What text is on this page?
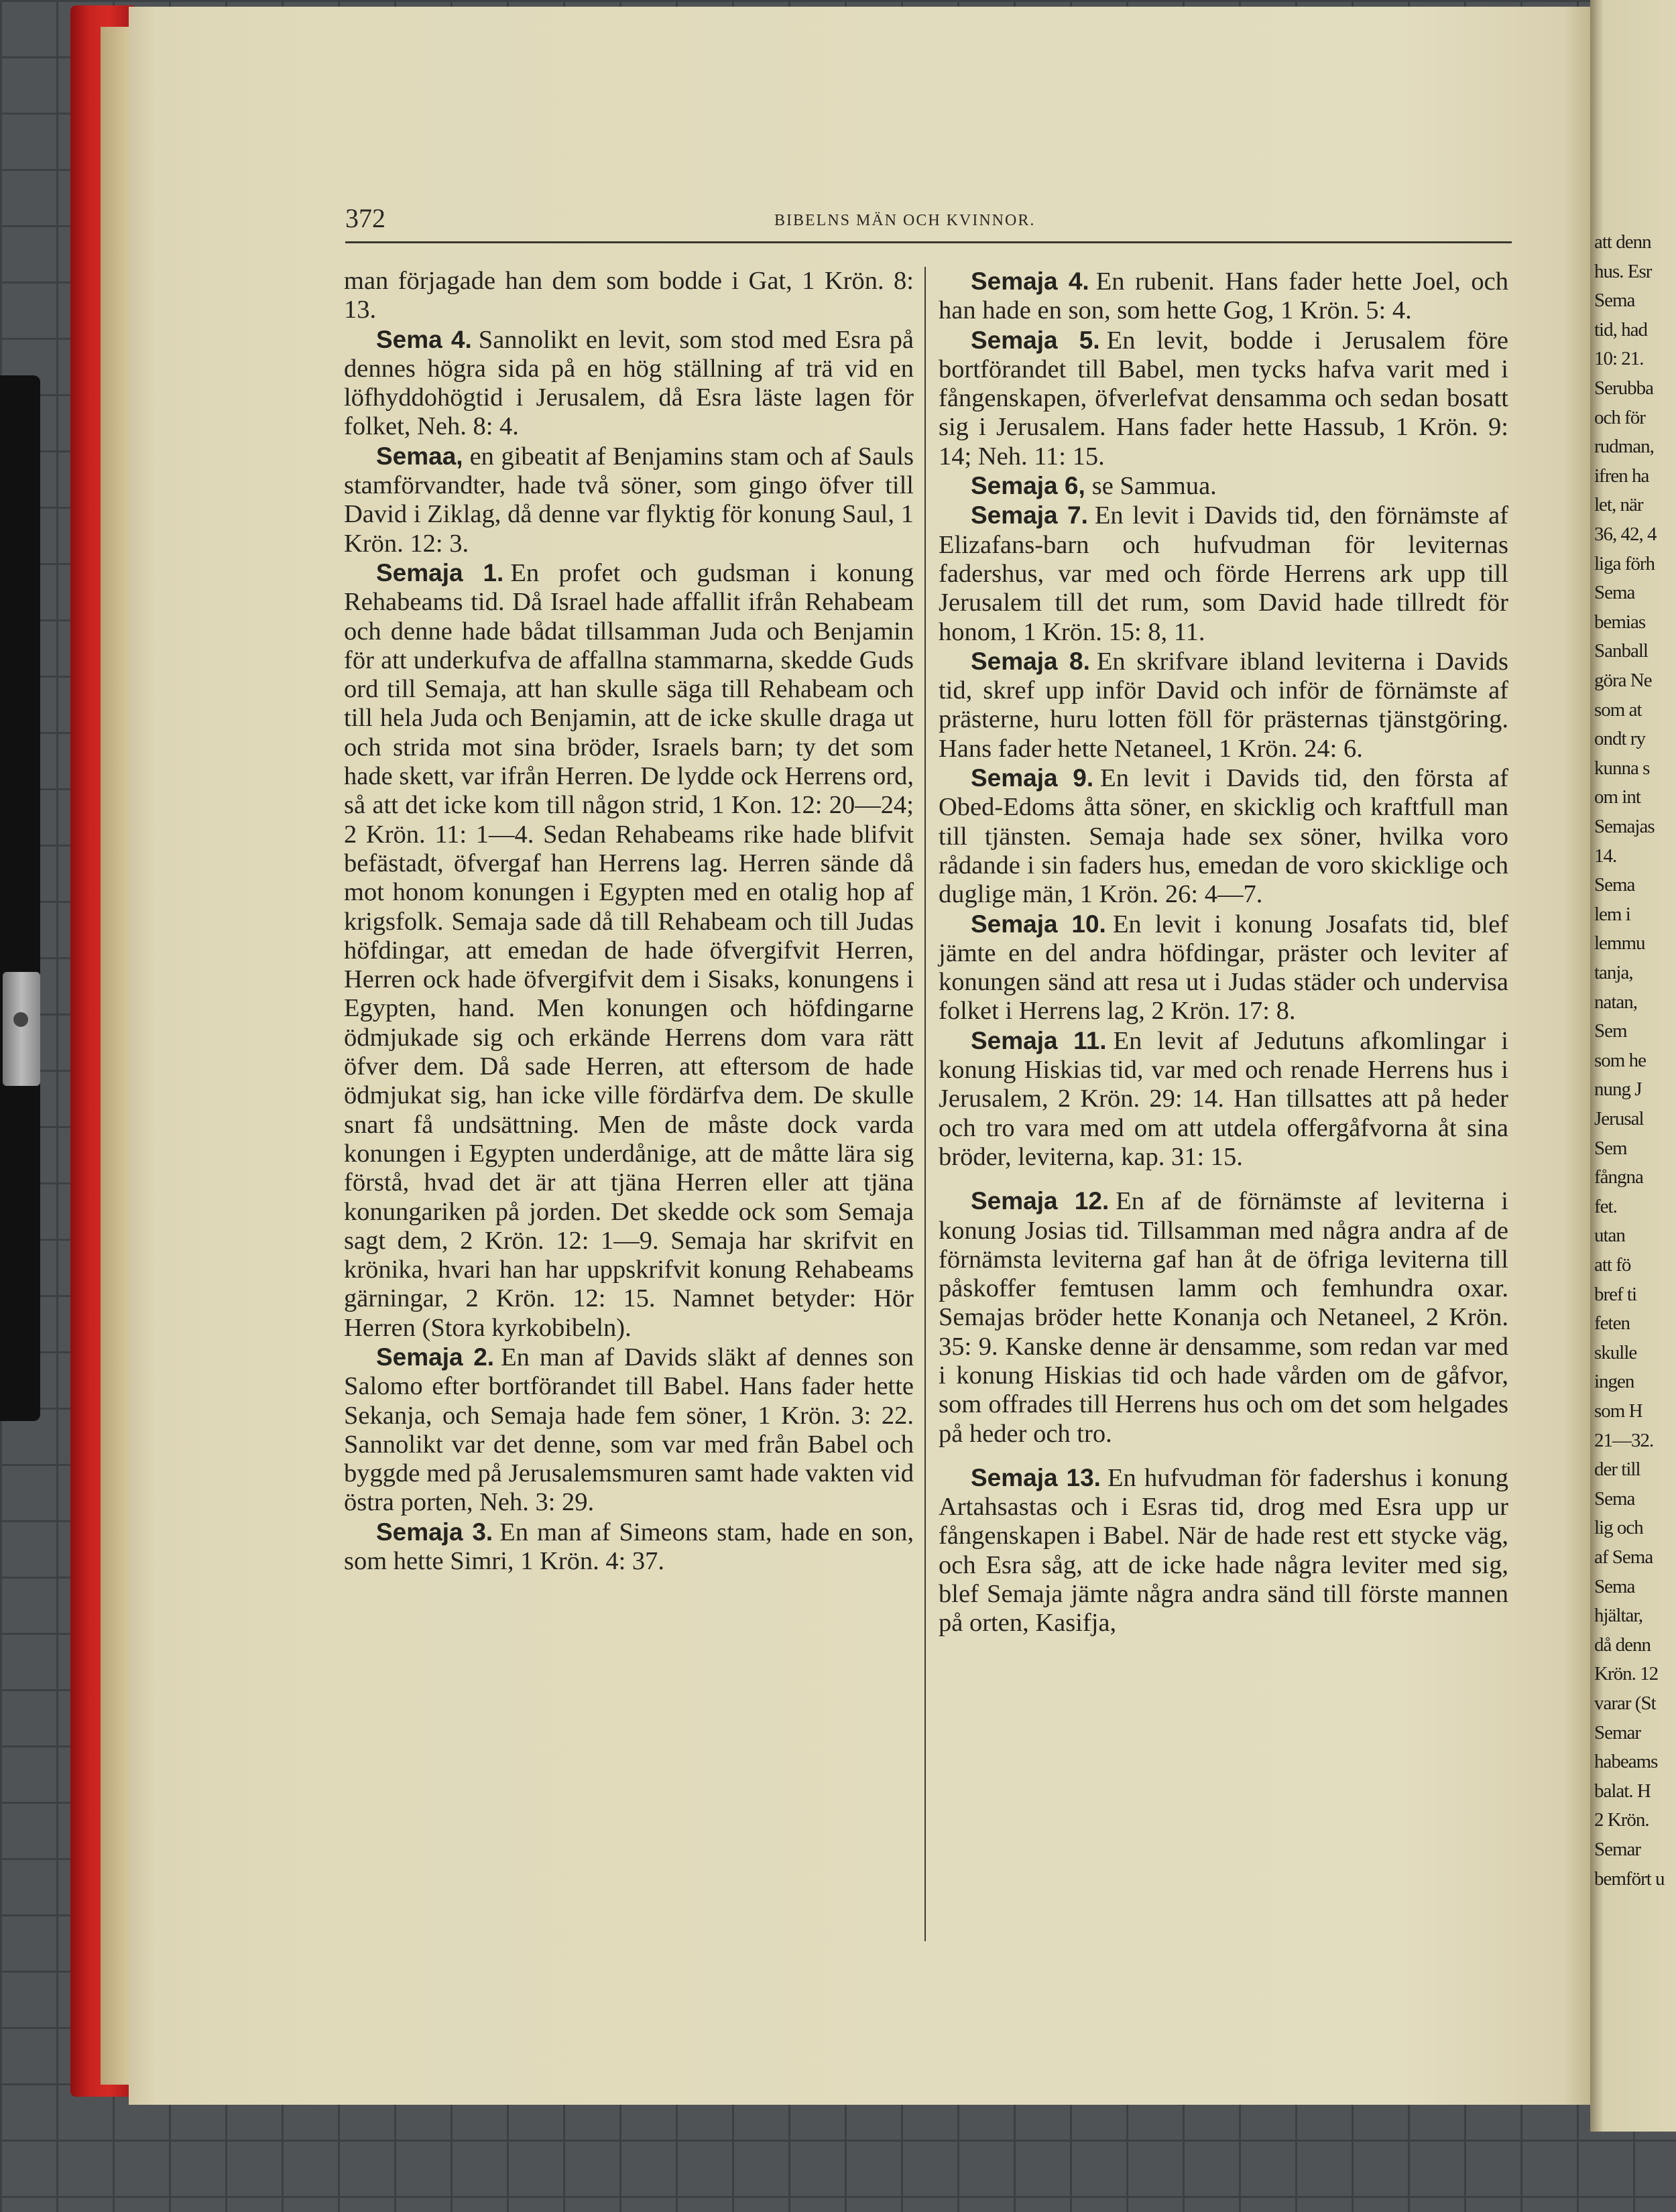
att denn
hus. Esr
Sema
tid, had
10: 21.
Serubba
och för
rudman,
ifren ha
let, när
36, 42, 4
liga förh
Sema
bemias
Sanball
göra Ne
som at
ondt ry
kunna s
om int
Semajas
14.
Sema
lem i
lemmu
tanja,
natan,
Sem
som he
nung J
Jerusal
Sem
fångna
fet.
utan
att fö
bref ti
feten
skulle
ingen
som H
21—32.
der till
Sema
lig och
af Sema
Sema
hjältar,
då denn
Krön. 12
varar (St
Semar
habeams
balat. H
2 Krön.
Semar
bemfört u
372	BIBELNS MÄN OCH KVINNOR.

man förjagade han dem som bodde i Gat, 1 Krön. 8: 13.

Sema 4. Sannolikt en levit, som stod med Esra på dennes högra sida på en hög ställning af trä vid en löfhyddohögtid i Jerusalem, då Esra läste lagen för folket, Neh. 8: 4.

Semaa, en gibeatit af Benjamins stam och af Sauls stamförvandter, hade två söner, som gingo öfver till David i Ziklag, då denne var flyktig för konung Saul, 1 Krön. 12: 3.

Semaja 1. En profet och gudsman i konung Rehabeams tid. Då Israel hade affallit ifrån Rehabeam och denne hade bådat tillsamman Juda och Benjamin för att underkufva de affallna stammarna, skedde Guds ord till Semaja, att han skulle säga till Rehabeam och till hela Juda och Benjamin, att de icke skulle draga ut och strida mot sina bröder, Israels barn; ty det som hade skett, var ifrån Herren. De lydde ock Herrens ord, så att det icke kom till någon strid, 1 Kon. 12: 20—24; 2 Krön. 11: 1—4. Sedan Rehabeams rike hade blifvit befästadt, öfvergaf han Herrens lag. Herren sände då mot honom konungen i Egypten med en otalig hop af krigsfolk. Semaja sade då till Rehabeam och till Judas höfdingar, att emedan de hade öfvergifvit Herren, Herren ock hade öfvergifvit dem i Sisaks, konungens i Egypten, hand. Men konungen och höfdingarne ödmjukade sig och erkände Herrens dom vara rätt öfver dem. Då sade Herren, att eftersom de hade ödmjukat sig, han icke ville fördärfva dem. De skulle snart få undsättning. Men de måste dock varda konungen i Egypten underdånige, att de måtte lära sig förstå, hvad det är att tjäna Herren eller att tjäna konungariken på jorden. Det skedde ock som Semaja sagt dem, 2 Krön. 12: 1—9. Semaja har skrifvit en krönika, hvari han har uppskrifvit konung Rehabeams gärningar, 2 Krön. 12: 15. Namnet betyder: Hör Herren (Stora kyrkobibeln).

Semaja 2. En man af Davids släkt af dennes son Salomo efter bortförandet till Babel. Hans fader hette Sekanja, och Semaja hade fem söner, 1 Krön. 3: 22. Sannolikt var det denne, som var med från Babel och byggde med på Jerusalemsmuren samt hade vakten vid östra porten, Neh. 3: 29.

Semaja 3. En man af Simeons stam, hade en son, som hette Simri, 1 Krön. 4: 37.

Semaja 4. En rubenit. Hans fader hette Joel, och han hade en son, som hette Gog, 1 Krön. 5: 4.

Semaja 5. En levit, bodde i Jerusalem före bortförandet till Babel, men tycks hafva varit med i fångenskapen, öfverlefvat densamma och sedan bosatt sig i Jerusalem. Hans fader hette Hassub, 1 Krön. 9: 14; Neh. 11: 15.

Semaja 6, se Sammua.

Semaja 7. En levit i Davids tid, den förnämste af Elizafans-barn och hufvudman för leviternas fadershus, var med och förde Herrens ark upp till Jerusalem till det rum, som David hade tillredt för honom, 1 Krön. 15: 8, 11.

Semaja 8. En skrifvare ibland leviterna i Davids tid, skref upp inför David och inför de förnämste af prästerne, huru lotten föll för prästernas tjänstgöring. Hans fader hette Netaneel, 1 Krön. 24: 6.

Semaja 9. En levit i Davids tid, den första af Obed-Edoms åtta söner, en skicklig och kraftfull man till tjänsten. Semaja hade sex söner, hvilka voro rådande i sin faders hus, emedan de voro skicklige och duglige män, 1 Krön. 26: 4—7.

Semaja 10. En levit i konung Josafats tid, blef jämte en del andra höfdingar, präster och leviter af konungen sänd att resa ut i Judas städer och undervisa folket i Herrens lag, 2 Krön. 17: 8.

Semaja 11. En levit af Jedutuns afkomlingar i konung Hiskias tid, var med och renade Herrens hus i Jerusalem, 2 Krön. 29: 14. Han tillsattes att på heder och tro vara med om att utdela offergåfvorna åt sina bröder, leviterna, kap. 31: 15.

Semaja 12. En af de förnämste af leviterna i konung Josias tid. Tillsamman med några andra af de förnämsta leviterna gaf han åt de öfriga leviterna till påskoffer femtusen lamm och femhundra oxar. Semajas bröder hette Konanja och Netaneel, 2 Krön. 35: 9. Kanske denne är densamme, som redan var med i konung Hiskias tid och hade vården om de gåfvor, som offrades till Herrens hus och om det som helgades på heder och tro.

Semaja 13. En hufvudman för fadershus i konung Artahsastas och i Esras tid, drog med Esra upp ur fångenskapen i Babel. När de hade rest ett stycke väg, och Esra såg, att de icke hade några leviter med sig, blef Semaja jämte några andra sänd till förste mannen på orten, Kasifja,
